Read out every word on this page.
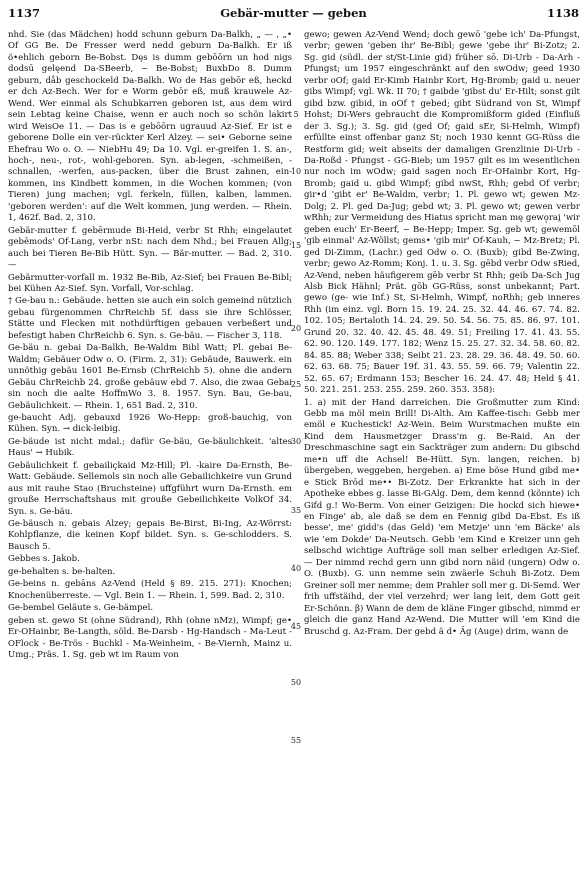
1137	Gebär-mutter — geben	1138

nhd. Sie (das Mädchen) hodd schunn geburn Da-Balkh, „ — , „• Of GG Be. De Fresser werd nedd geburn Da-Balkh. Er iß ö•ehlich geborn Be-Bobst. Dęs is dumm gebōōrn un hod nigs dodsū gelęend Da-SBeerb, ~ Be-Bobst; BuxbDo 8. Dumm geburn, dåb geschockeld Da-Balkh. Wo de Has gebōr eß, heckd er dch Az-Bech. Wer for e Worm gebōr eß, muß krauwele Az-Wend. Wer einmal als Schubkarren geboren ist, aus dem wird sein Lebtag keine Chaise, wenn er auch noch so schön lakirt wird WeisOe 11. — Das is e gebōōrn ugrauud Az-Sief. Er ist e geborene Dolle ein ver-rückter Kerl Alzey. — sei• Geborne seine Ehefrau Wo o. O. — NiebHu 49; Da 10. Vgl. er-greifen 1. S. an-, hoch-, neu-, rot-, wohl-geboren. Syn. ab-legen, -schmeißen, -schnallen, -werfen, aus-packen, über die Brust zahnen, ein-kommen, ins Kindbett kommen, in die Wochen kommen; (von Tieren) jung machen; vgl. ferkeln, füllen, kalben, lammen. 'geboren werden': auf die Welt kommen, jung werden. — Rhein. 1, 462f. Bad. 2, 310.

Gebär-mutter f. gebērmude Bi-Heid, verbr St Rhh; eingelautet gebēmods' Of-Lang, verbr nSt: nach dem Nhd.; bei Frauen Allg; auch bei Tieren Be-Bib Hütt. Syn. — Bär-mutter. — Bad. 2, 310. —

Gebärmutter-vorfall m. 1932 Be-Bib, Az-Sief; bei Frauen Be-Bibl; bei Kühen Az-Sief. Syn. Vorfall, Vor-schlag.

† Ge-bau n.: Gebäude. hetten sie auch ein solch gemeind nützlich gebau fürgenommen ChrReichb 5f. dass sie ihre Schlösser, Stätte und Flecken mit nothdürftigen gebauen verbeßert und befestigt haben ChrReichb 6. Syn. s. Ge-bäu. — Fischer 3, 118.

Ge-bäu n. gebai Da-Balkh, Be-Waldm Bibl Watt; Pl. gebai Be-Waldm; Gebäuer Odw o. O. (Firm. 2, 31): Gebäude, Bauwerk. ein unnöthig gebäu 1601 Be-Ernsb (ChrReichb 5). ohne die andern Gebäu ChrReichb 24. große gebäuw ebd 7. Also, die zwaa Gebai sin noch die aalte HoffmWo 3. 8. 1957. Syn. Bau, Ge-bau, Gebäulichkeit. — Rhein. 1, 651 Bad. 2, 310.

ge-baucht Adj. gebauxd 1926 Wo-Hepp: groß-bauchig, von Kühen. Syn. → dick-leibig.

Ge-bäude ist nicht mdal.; dafür Ge-bäu, Ge-bäulichkeit. 'altes Haus' → Hubik.

Gebäulichkeit f. gebailiçkaid Mz-Hill; Pl. -kaire Da-Ernsth, Be-Watt: Gebäude. Sellemols sin noch alle Gebailichkeire vun Grund aus mit rauhe Stao (Bruchsteine) uffgführt wurn Da-Ernsth. em grouße Herrschaftshaus mit grouße Gebeilichkeite VolkOf 34. Syn. s. Ge-bäu.

Ge-bäusch n. gebais Alzey; gepais Be-Birst, Bi-Ing, Az-Wörrst: Kohlpflanze, die keinen Kopf bildet. Syn. s. Ge-schlodders. S. Bausch 5.

Gebbes s. Jakob.

ge-behalten s. be-halten.

Ge-beins n. gebāns Az-Vend (Held § 89. 215. 271): Knochen; Knochenüberreste. — Vgl. Bein 1. — Rhein. 1, 599. Bad. 2, 310.

Ge-bembel Geläute s. Ge-bämpel.

geben st. gewo St (ohne Südrand), Rhh (ohne nMz), Wimpf; ge• Er-OHainbr, Be-Langth, söld. Be-Darsb - Hg-Handsch - Ma-Leut - OFlock - Be-Trös - Buchkl - Ma-Weinheim, - Be-Viernh, Mainz u. Umg.; Präs. 1. Sg. geb wt im Raum von

5
10
15
20
25
30
35
40
45
50
55

gewo; gewen Az-Vend Wend; doch gewō 'gebe ich' Da-Pfungst, verbr; gewen 'geben ihr' Be-Bibl; gewe 'gebe ihr' Bi-Zotz; 2. Sg. gid (südl. der st/St-Linie gid) früher sō. Di-Urb - Da-Arh - Pfungst; um 1957 eingeschränkt auf den swOdw; geed 1930 verbr oOf; gaid Er-Kimb Hainbr Kort, Hg-Bromb; gaid u. neuer gibs Wimpf; vgl. Wk. II 70; † gaibde 'gibst du' Er-Hilt; sonst gilt gibd bzw. gibid, in oOf † gebed; gibt Südrand von St, Wimpf Hohst; Di-Wers gebraucht die Kompromißform gided (Einfluß der 3. Sg.); 3. Sg. gid (ged Of; gaid sEr, Si-Helmh, Wimpf) erfüllte einst offenbar ganz St; noch 1930 kennt GG-Rüss die Restform gid; weit abseits der damaligen Grenzlinie Di-Urb - Da-Roßd - Pfungst - GG-Bieb; um 1957 gilt es im wesentlichen nur noch im wOdw; gaid sagen noch Er-OHainbr Kort, Hg-Bromb; gaid u. gibd Wimpf; gibd nwSt, Rhh; gebd Of verbr; gir•d 'gibt er' Be-Waldm, verbr; 1. Pl. gewo wt; gewen Mz-Dolg; 2. Pl. ged Da-Jug; gebd wt; 3. Pl. gewo wt; gewen verbr wRhh; zur Vermeidung des Hiatus spricht man mę gewo̜rai̯ 'wir geben euch' Er-Beerf, ~ Be-Hepp; Imper. Sg. geb wt; gewemōl 'gib einmal' Az-Wöllst; gems• 'gib mir' Of-Kauh, ~ Mz-Bretz; Pl. ged Di-Zimm, (Lachr.) ged Odw o. O. (Buxb); gibd Be-Zwing, verbr; gewo Az-Romm; Konj. 1. u. 3. Sg. gēbd verbr Odw sRied, Az-Vend, neben häufigerem gēb verbr St Rhh; geib Da-Sch Jug Alsb Bick Hähnl; Prät. gōb GG-Rüss, sonst unbekannt; Part. gewo (ge- wie Inf.) St, Si-Helmh, Wimpf, noRhh; geb inneres Rhh (im einz. vgl. Born 15. 19. 24. 25. 32. 44. 46. 67. 74. 82. 102. 105; Bertaloth 14. 24. 29. 50. 54. 56. 75. 85. 86. 97. 101. Grund 20. 32. 40. 42. 45. 48. 49. 51; Freiling 17. 41. 43. 55. 62. 90. 120. 149. 177. 182; Wenz 15. 25. 27. 32. 34. 58. 60. 82. 84. 85. 88; Weber 338; Seibt 21. 23. 28. 29. 36. 48. 49. 50. 60. 62. 63. 68. 75; Bauer 19f. 31. 43. 55. 59. 66. 79; Valentin 22. 52. 65. 67; Erdmann 153; Bescher 16. 24. 47. 48; Held § 41. 50. 221. 251. 253. 255. 259. 260. 353. 358):

1. a) mit der Hand darreichen. Die Großmutter zum Kind: Gebb ma möl mein Brill! Di-Alth. Am Kaffee-tisch: Gebb mer emöl e Kuchestick! Az-Wein. Beim Wurstmachen mußte ein Kind dem Hausmetzger Drass'm g. Be-Raid. An der Dreschmaschine sagt ein Sackträger zum andern: Du gibschd me•n uff die Achsel! Be-Hütt. Syn. langen, reichen. b) übergeben, weggeben, hergeben. a) Eme böse Hund gibd me• e Stick Brōd me•• Bi-Zotz. Der Erkrankte hat sich in der Apotheke ebbes g. lasse Bi-GAlg. Dem, dem kennd (könnte) ich Gifd g.! Wo-Berm. Von einer Geizigen: Die hockd sich hiewe• en Finge' ab, ale daß se dem en Fennig gibd Da-Ebst. Es iß besse', me' gidd's (das Geld) 'em Metzje' unn 'em Bäcke' als wie 'em Dokde' Da-Neutsch. Gebb 'em Kind e Kreizer unn geh selbschd wichtige Aufträge soll man selber erledigen Az-Sief. — Der nimmd rechd gern unn gibd norn näid (ungern) Odw o. O. (Buxb). G. unn nemme sein zwäerle Schuh Bi-Zotz. Dem Greiner soll mer nemme; dem Prahler soll mer g. Di-Semd. Wer frih uffstäihd, der viel verzehrd; wer lang leit, dem Gott geit Er-Schönn. β) Wann de dem de kläne Finger gibschd, nimmd er gleich die ganz Hand Az-Wend. Die Mutter will 'em Kind die Bruschd g. Az-Fram. Der gebd ä d• Äg (Auge) drim, wann de
